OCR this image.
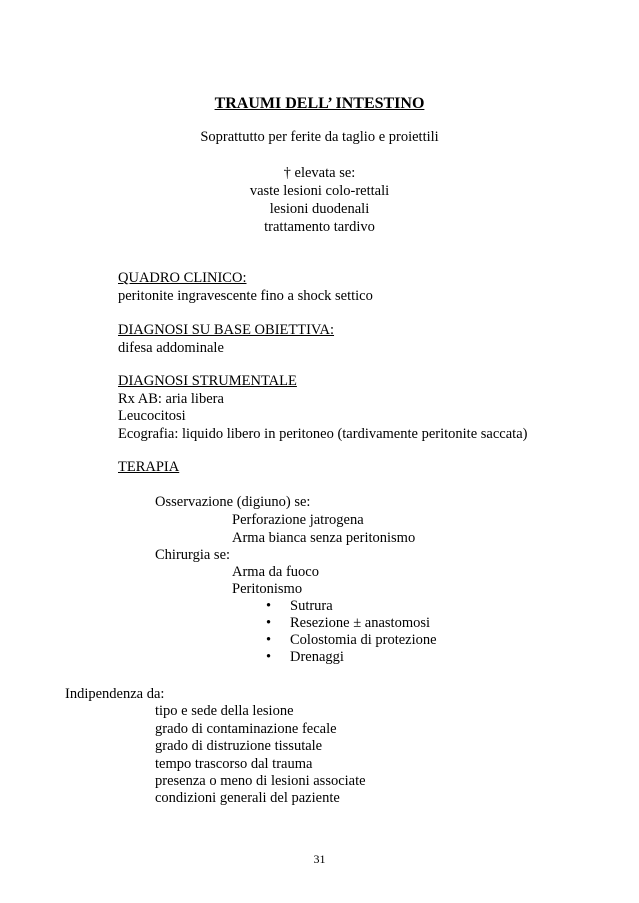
TRAUMI DELL’ INTESTINO
Soprattutto per ferite da taglio e proiettili
† elevata se:
vaste lesioni colo-rettali
lesioni duodenali
trattamento tardivo
QUADRO CLINICO:
peritonite ingravescente fino a shock settico
DIAGNOSI SU BASE OBIETTIVA:
difesa addominale
DIAGNOSI STRUMENTALE
Rx AB: aria libera
Leucocitosi
Ecografia: liquido libero in peritoneo (tardivamente peritonite saccata)
TERAPIA
Osservazione (digiuno) se:
Perforazione jatrogena
Arma bianca senza peritonismo
Chirurgia se:
Arma da fuoco
Peritonismo
• Sutrura
• Resezione ± anastomosi
• Colostomia di protezione
• Drenaggi
Indipendenza da:
tipo e sede della lesione
grado di contaminazione fecale
grado di distruzione tissutale
tempo trascorso dal trauma
presenza o meno di lesioni associate
condizioni generali del paziente
31
